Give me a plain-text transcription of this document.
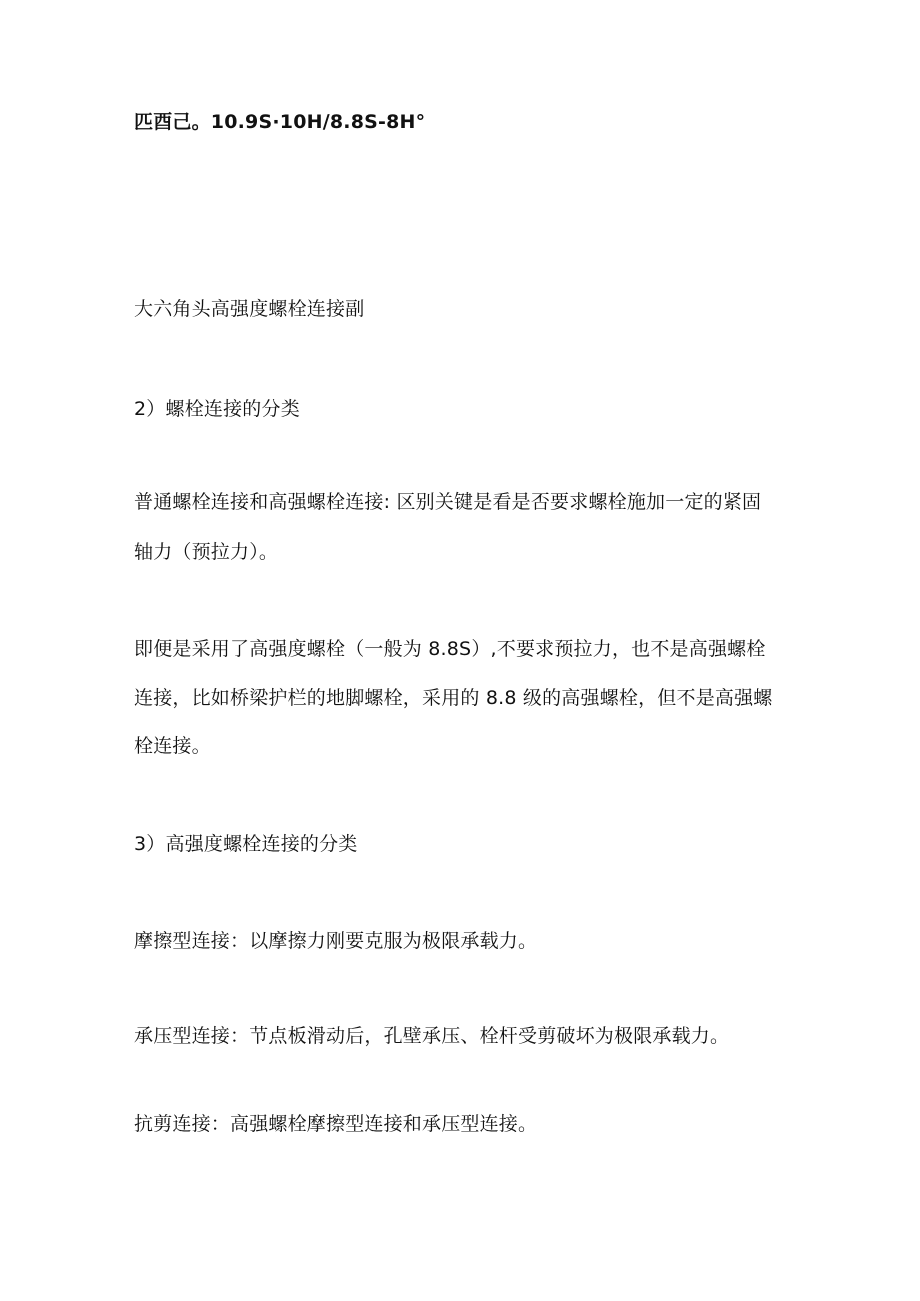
匹酉己。10.9S·10H∕8.8S-8H°
大六角头高强度螺栓连接副
2）螺栓连接的分类
普通螺栓连接和高强螺栓连接: 区别关键是看是否要求螺栓施加一定的紧固
轴力（预拉力）。
即便是采用了高强度螺栓（一般为 8.8S）,不要求预拉力，也不是高强螺栓
连接，比如桥梁护栏的地脚螺栓，采用的 8.8 级的高强螺栓，但不是高强螺
栓连接。
3）高强度螺栓连接的分类
摩擦型连接：以摩擦力刚要克服为极限承载力。
承压型连接：节点板滑动后，孔壁承压、栓杆受剪破坏为极限承载力。
抗剪连接：高强螺栓摩擦型连接和承压型连接。
